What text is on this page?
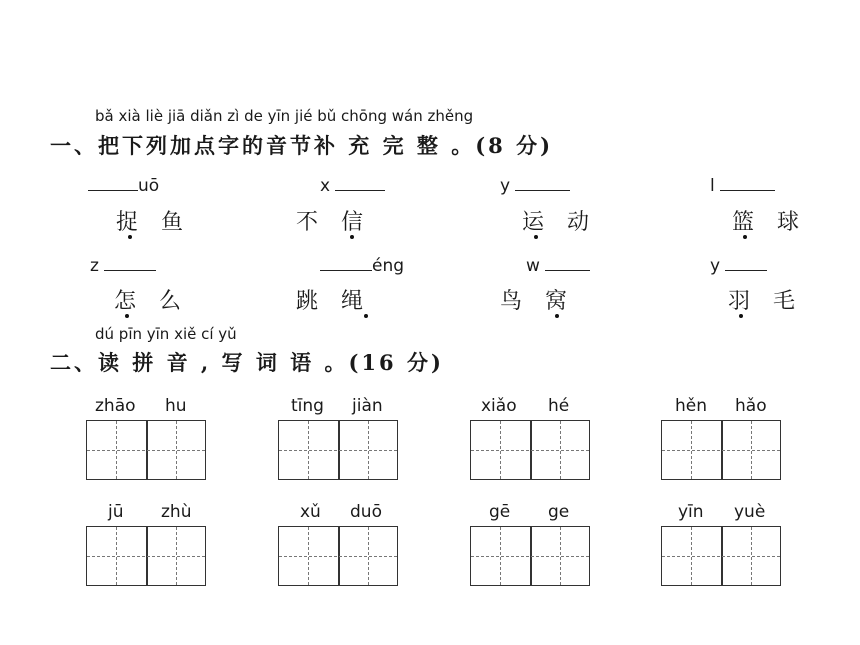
bǎ xià liè jiā diǎn zì de yīn jié bǔ chōng wán zhěng
一、把下列加点字的音节补 充 完 整 。(8 分)
uō	x	y	l
捉 鱼	不 信	运 动	篮 球
z	éng	w	y
怎 么	跳 绳	鸟 窝	羽 毛
dú pīn yīn xiě cí yǔ
二、读 拼 音 , 写 词 语 。(16 分)
zhāo hu	tīng jiàn	xiǎo hé	hěn hǎo
jū zhù	xǔ duō	gē ge	yīn yuè
